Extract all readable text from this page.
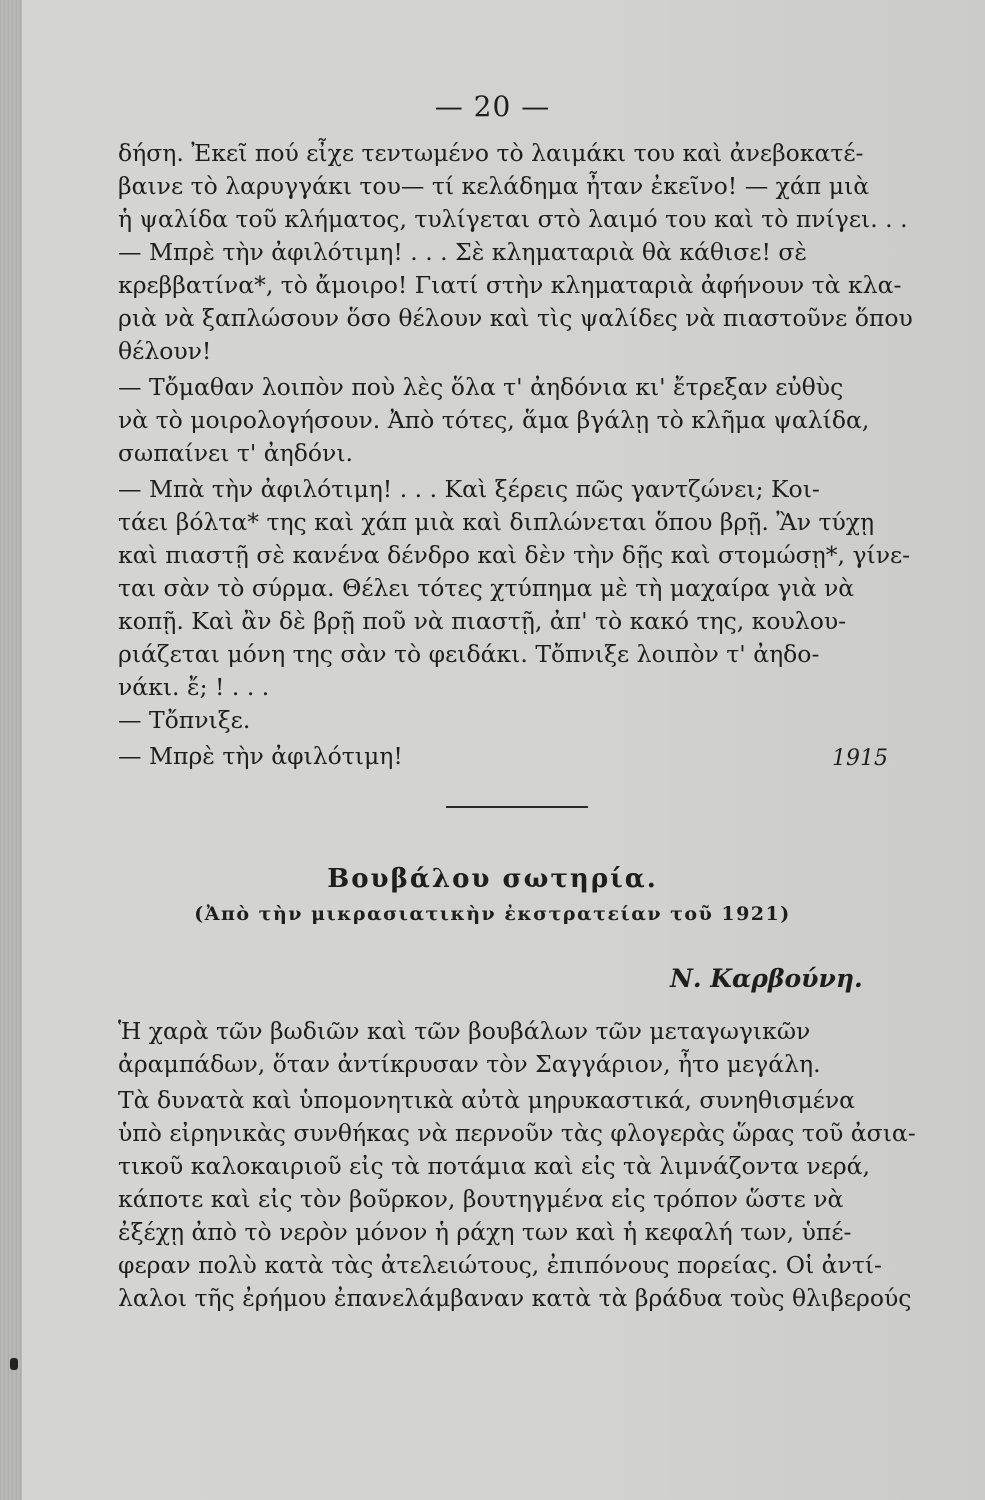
— 20 —
δήση. Ἐκεῖ πού εἶχε τεντωμένο τὸ λαιμάκι του καὶ ἀνεβοκατέ-
βαινε τὸ λαρυγγάκι του— τί κελάδημα ἦταν ἐκεῖνο! — χάπ μιὰ
ἡ ψαλίδα τοῦ κλήματος, τυλίγεται στὸ λαιμό του καὶ τὸ πνίγει. . .
— Μπρὲ τὴν ἀφιλότιμη! . . . Σὲ κληματαριὰ θὰ κάθισε! σὲ
κρεββατίνα*, τὸ ἄμοιρο! Γιατί στὴν κληματαριὰ ἀφήνουν τὰ κλα-
ριὰ νὰ ξαπλώσουν ὅσο θέλουν καὶ τὶς ψαλίδες νὰ πιαστοῦνε ὅπου
θέλουν!
— Τὄμαθαν λοιπὸν ποὺ λὲς ὅλα τ' ἀηδόνια κι' ἔτρεξαν εὐθὺς
νὰ τὸ μοιρολογήσουν. Ἀπὸ τότες, ἅμα βγάλῃ τὸ κλῆμα ψαλίδα,
σωπαίνει τ' ἀηδόνι.
— Μπὰ τὴν ἀφιλότιμη! . . . Καὶ ξέρεις πῶς γαντζώνει; Κοι-
τάει βόλτα* της καὶ χάπ μιὰ καὶ διπλώνεται ὅπου βρῇ. Ἂν τύχῃ
καὶ πιαστῇ σὲ κανένα δένδρο καὶ δὲν τὴν δῇς καὶ στομώσῃ*, γίνε-
ται σὰν τὸ σύρμα. Θέλει τότες χτύπημα μὲ τὴ μαχαίρα γιὰ νὰ
κοπῇ. Καὶ ἂν δὲ βρῇ ποῦ νὰ πιαστῇ, ἀπ' τὸ κακό της, κουλου-
ριάζεται μόνη της σὰν τὸ φειδάκι. Τὄπνιξε λοιπὸν τ' ἀηδο-
νάκι. ἔ; ! . . .
— Τὄπνιξε.
— Μπρὲ τὴν ἀφιλότιμη!	1915
Βουβάλου σωτηρία.
(Ἀπὸ τὴν μικρασιατικὴν ἐκστρατείαν τοῦ 1921)
Ν. Καρβούνη.
Ἡ χαρὰ τῶν βωδιῶν καὶ τῶν βουβάλων τῶν μεταγωγικῶν
ἀραμπάδων, ὅταν ἀντίκρυσαν τὸν Σαγγάριον, ἦτο μεγάλη.
Τὰ δυνατὰ καὶ ὑπομονητικὰ αὐτὰ μηρυκαστικά, συνηθισμένα
ὑπὸ εἰρηνικὰς συνθήκας νὰ περνοῦν τὰς φλογερὰς ὥρας τοῦ ἀσια-
τικοῦ καλοκαιριοῦ εἰς τὰ ποτάμια καὶ εἰς τὰ λιμνάζοντα νερά,
κάποτε καὶ εἰς τὸν βοῦρκον, βουτηγμένα εἰς τρόπον ὥστε νὰ
ἐξέχῃ ἀπὸ τὸ νερὸν μόνον ἡ ράχη των καὶ ἡ κεφαλή των, ὑπέ-
φεραν πολὺ κατὰ τὰς ἀτελειώτους, ἐπιπόνους πορείας. Οἱ ἀντί-
λαλοι τῆς ἐρήμου ἐπανελάμβαναν κατὰ τὰ βράδυα τοὺς θλιβερούς
